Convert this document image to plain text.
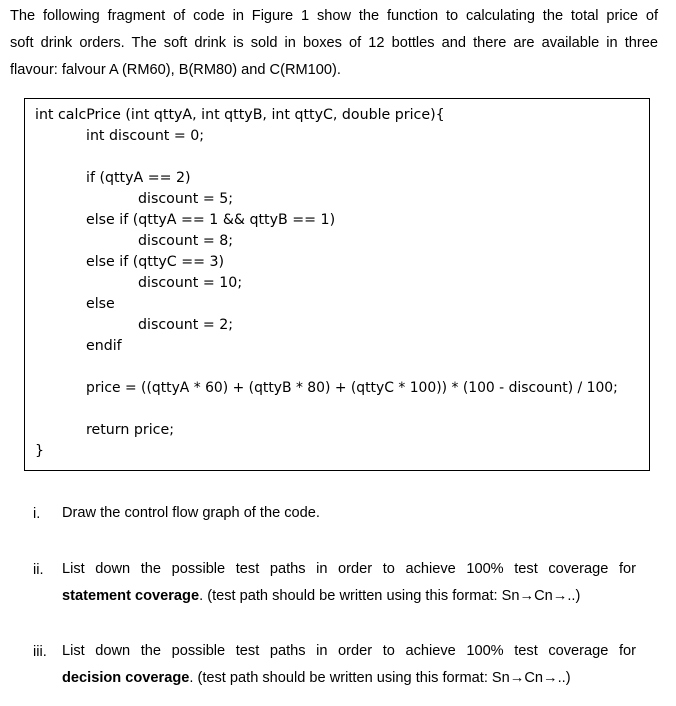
The following fragment of code in Figure 1 show the function to calculating the total price of
soft drink orders. The soft drink is sold in boxes of 12 bottles and there are available in three
flavour: falvour A (RM60), B(RM80) and C(RM100).
int calcPrice (int qttyA, int qttyB, int qttyC, double price){
int discount = 0;
if (qttyA == 2)
discount = 5;
else if (qttyA == 1 && qttyB == 1)
discount = 8;
else if (qttyC == 3)
discount = 10;
else
discount = 2;
endif
price = ((qttyA * 60) + (qttyB * 80) + (qttyC * 100)) * (100 - discount) / 100;
return price;
}
i. Draw the control flow graph of the code.
ii. List down the possible test paths in order to achieve 100% test coverage for
statement coverage. (test path should be written using this format: Sn→Cn→..)
iii. List down the possible test paths in order to achieve 100% test coverage for
decision coverage. (test path should be written using this format: Sn→Cn→..)
